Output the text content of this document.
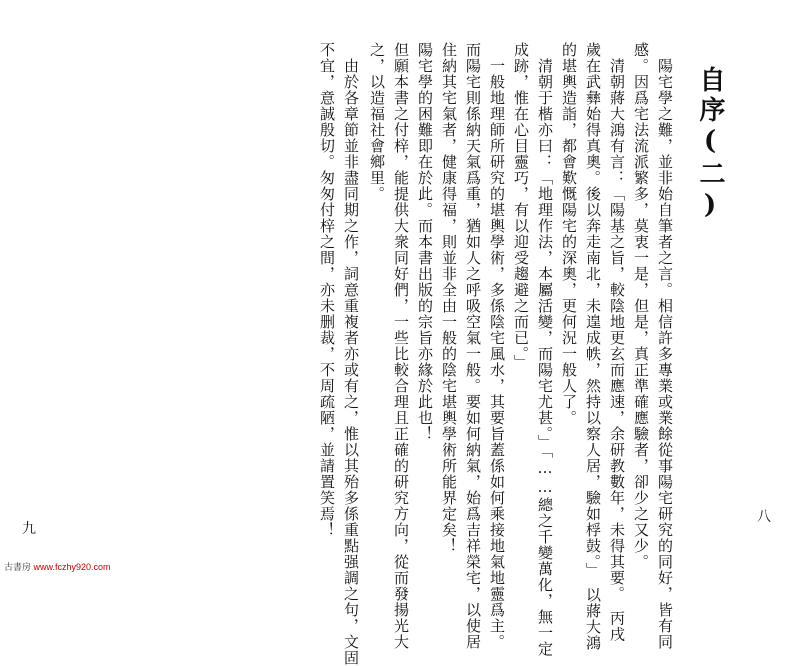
自序(二)
陽宅學之難，並非始自筆者之言。相信許多專業或業餘從事陽宅研究的同好，皆有同
感。因爲宅法流派繁多，莫衷一是，但是，真正準確應驗者，卻少之又少。
清朝蔣大鴻有言：「陽基之旨，較陰地更玄而應速，余研教數年，未得其要。　丙戌
歲在武彝始得真奧。後以奔走南北，未遑成帙，然持以察人居，驗如桴鼓。」　以蔣大鴻
的堪輿造詣，都會歎慨陽宅的深奧，更何況一般人了。
清朝于楷亦曰：「地理作法，本屬活變，而陽宅尤甚。」「……總之千變萬化，無一定
成跡，惟在心目靈巧，有以迎受趨避之而已。」
一般地理師所研究的堪輿學術，多係陰宅風水，其要旨蓋係如何乘接地氣地靈爲主。
而陽宅則係納天氣爲重，猶如人之呼吸空氣一般。要如何納氣，始爲吉祥榮宅，以使居
住納其宅氣者，健康得福，則並非全由一般的陰宅堪輿學術所能界定矣！
陽宅學的困難即在於此。而本書出版的宗旨亦緣於此也！
但願本書之付梓，能提供大衆同好們，一些比較合理且正確的研究方向，從而發揚光大
之，以造福社會鄉里。
由於各章節並非盡同期之作，詞意重複者亦或有之，惟以其殆多係重點强調之句，文固
不宜，意誠殷切。匆匆付梓之間，亦未删裁，不周疏陋，並請置笑焉！	八
九
古書房 www.fczhy920.com
